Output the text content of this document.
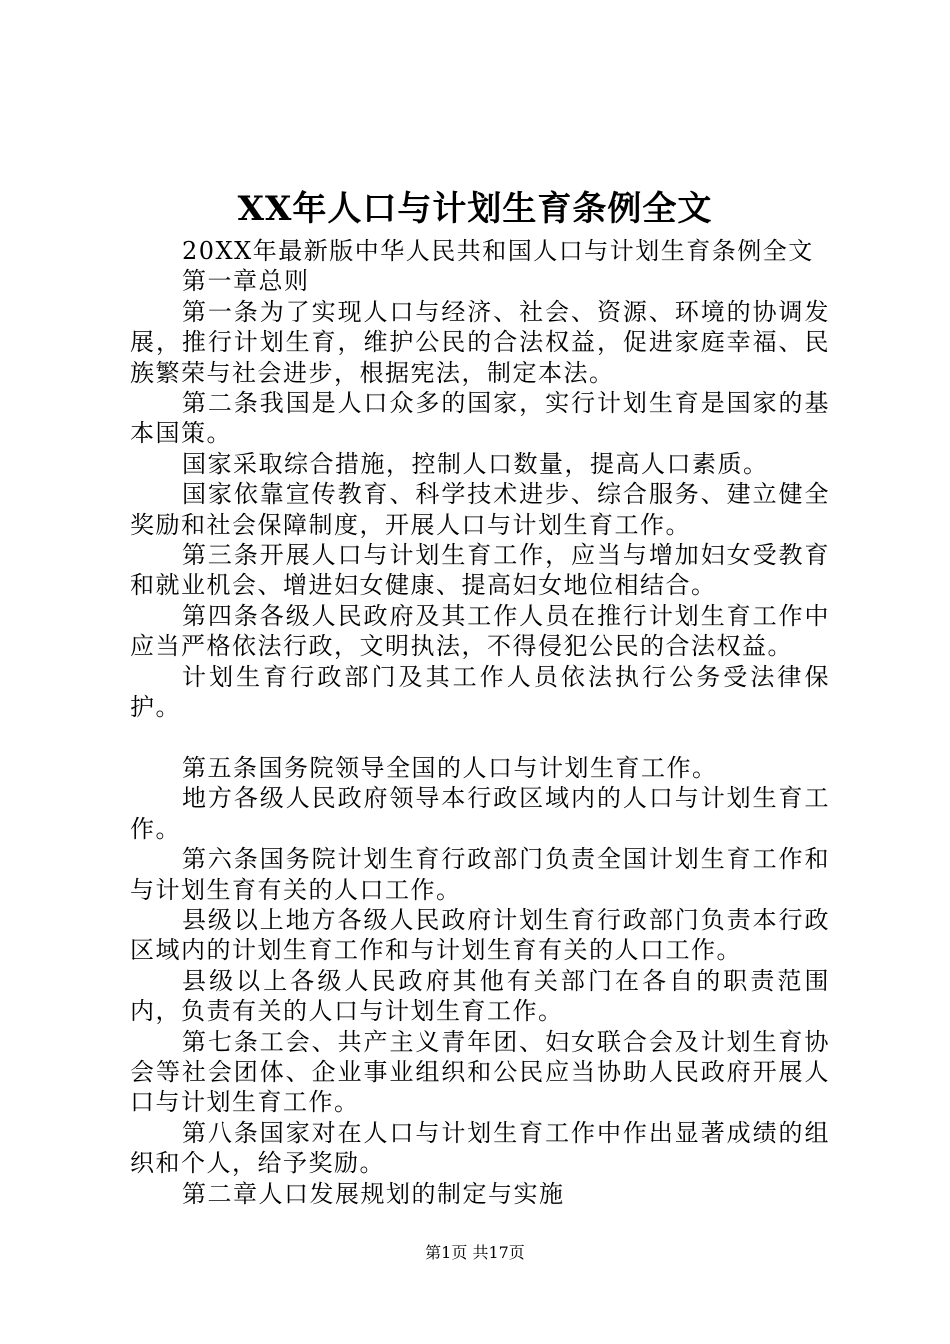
XX年人口与计划生育条例全文

20XX年最新版中华人民共和国人口与计划生育条例全文

第一章总则

第一条为了实现人口与经济、社会、资源、环境的协调发展，推行计划生育，维护公民的合法权益，促进家庭幸福、民族繁荣与社会进步，根据宪法，制定本法。

第二条我国是人口众多的国家，实行计划生育是国家的基本国策。

国家采取综合措施，控制人口数量，提高人口素质。

国家依靠宣传教育、科学技术进步、综合服务、建立健全奖励和社会保障制度，开展人口与计划生育工作。

第三条开展人口与计划生育工作，应当与增加妇女受教育和就业机会、增进妇女健康、提高妇女地位相结合。

第四条各级人民政府及其工作人员在推行计划生育工作中应当严格依法行政，文明执法，不得侵犯公民的合法权益。

计划生育行政部门及其工作人员依法执行公务受法律保护。

第五条国务院领导全国的人口与计划生育工作。

地方各级人民政府领导本行政区域内的人口与计划生育工作。

第六条国务院计划生育行政部门负责全国计划生育工作和与计划生育有关的人口工作。

县级以上地方各级人民政府计划生育行政部门负责本行政区域内的计划生育工作和与计划生育有关的人口工作。

县级以上各级人民政府其他有关部门在各自的职责范围内，负责有关的人口与计划生育工作。

第七条工会、共产主义青年团、妇女联合会及计划生育协会等社会团体、企业事业组织和公民应当协助人民政府开展人口与计划生育工作。

第八条国家对在人口与计划生育工作中作出显著成绩的组织和个人，给予奖励。

第二章人口发展规划的制定与实施

第1页 共17页
